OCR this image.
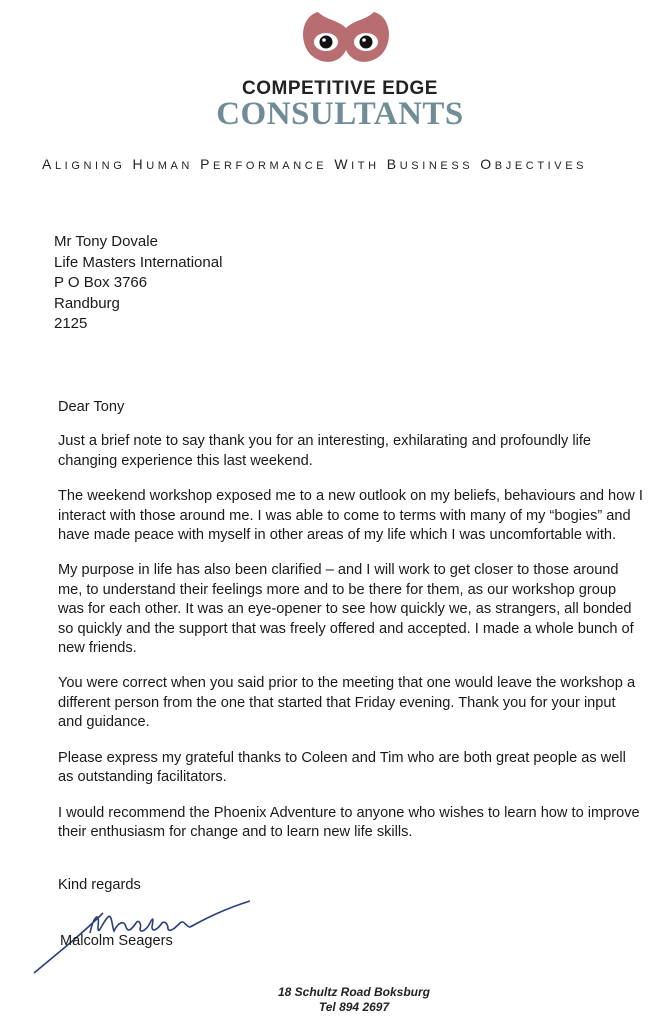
COMPETITIVE EDGE
CONSULTANTS
ALIGNING HUMAN PERFORMANCE WITH BUSINESS OBJECTIVES
Mr Tony Dovale
Life Masters International
P O Box 3766
Randburg
2125

Dear Tony

Just a brief note to say thank you for an interesting, exhilarating and profoundly life changing experience this last weekend.

The weekend workshop exposed me to a new outlook on my beliefs, behaviours and how I interact with those around me. I was able to come to terms with many of my “bogies” and have made peace with myself in other areas of my life which I was uncomfortable with.

My purpose in life has also been clarified – and I will work to get closer to those around me, to understand their feelings more and to be there for them, as our workshop group was for each other. It was an eye-opener to see how quickly we, as strangers, all bonded so quickly and the support that was freely offered and accepted. I made a whole bunch of new friends.

You were correct when you said prior to the meeting that one would leave the workshop a different person from the one that started that Friday evening. Thank you for your input and guidance.

Please express my grateful thanks to Coleen and Tim who are both great people as well as outstanding facilitators.

I would recommend the Phoenix Adventure to anyone who wishes to learn how to improve their enthusiasm for change and to learn new life skills.

Kind regards
Malcolm Seagers
18 Schultz Road Boksburg
Tel 894 2697
